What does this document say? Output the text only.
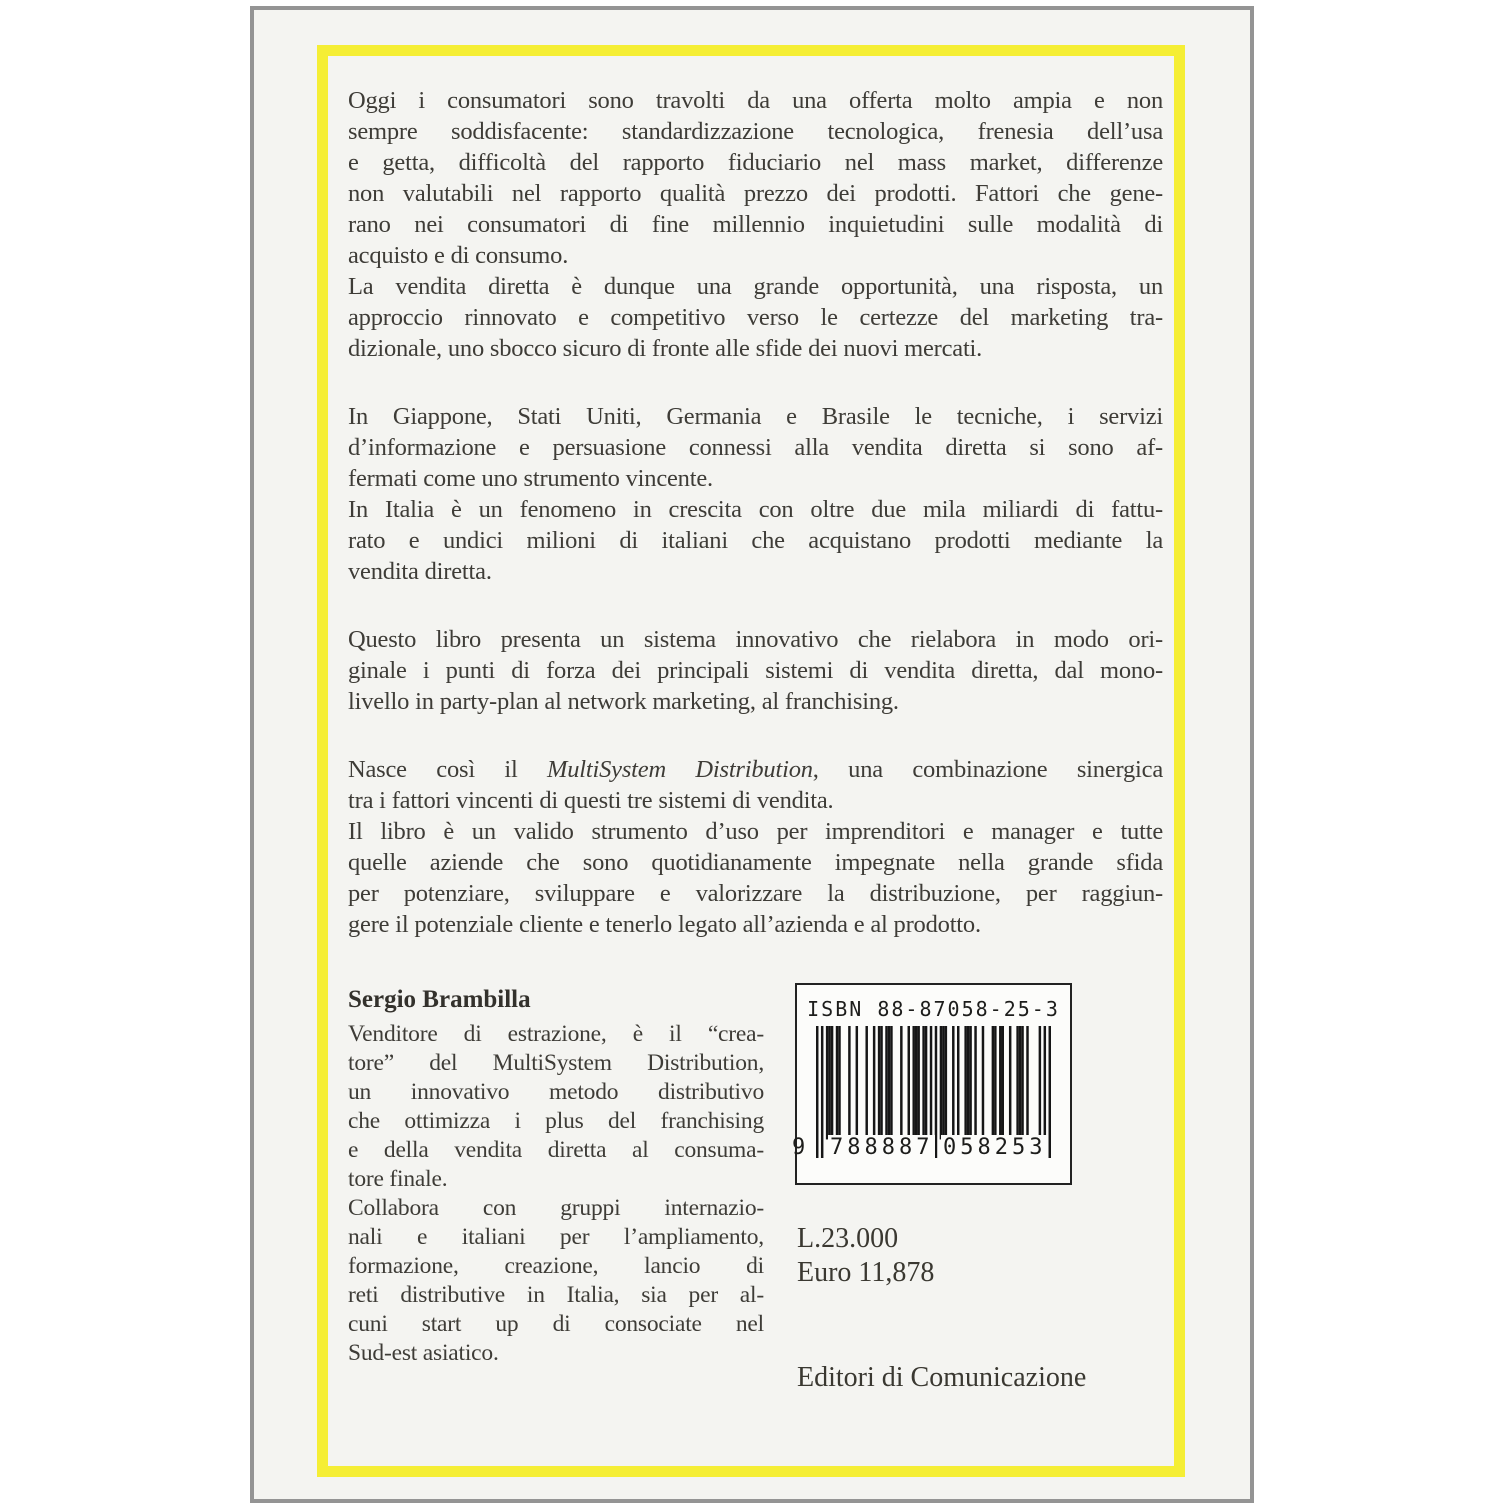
Oggi i consumatori sono travolti da una offerta molto ampia e non
sempre soddisfacente: standardizzazione tecnologica, frenesia dell’usa
e getta, difficoltà del rapporto fiduciario nel mass market, differenze
non valutabili nel rapporto qualità prezzo dei prodotti. Fattori che gene-
rano nei consumatori di fine millennio inquietudini sulle modalità di
acquisto e di consumo.
La vendita diretta è dunque una grande opportunità, una risposta, un
approccio rinnovato e competitivo verso le certezze del marketing tra-
dizionale, uno sbocco sicuro di fronte alle sfide dei nuovi mercati.
In Giappone, Stati Uniti, Germania e Brasile le tecniche, i servizi
d’informazione e persuasione connessi alla vendita diretta si sono af-
fermati come uno strumento vincente.
In Italia è un fenomeno in crescita con oltre due mila miliardi di fattu-
rato e undici milioni di italiani che acquistano prodotti mediante la
vendita diretta.
Questo libro presenta un sistema innovativo che rielabora in modo ori-
ginale i punti di forza dei principali sistemi di vendita diretta, dal mono-
livello in party-plan al network marketing, al franchising.
Nasce così il MultiSystem Distribution, una combinazione sinergica
tra i fattori vincenti di questi tre sistemi di vendita.
Il libro è un valido strumento d’uso per imprenditori e manager e tutte
quelle aziende che sono quotidianamente impegnate nella grande sfida
per potenziare, sviluppare e valorizzare la distribuzione, per raggiun-
gere il potenziale cliente e tenerlo legato all’azienda e al prodotto.
Sergio Brambilla
Venditore di estrazione, è il “crea-
tore” del MultiSystem Distribution,
un innovativo metodo distributivo
che ottimizza i plus del franchising
e della vendita diretta al consuma-
tore finale.
Collabora con gruppi internazio-
nali e italiani per l’ampliamento,
formazione, creazione, lancio di
reti distributive in Italia, sia per al-
cuni start up di consociate nel
Sud-est asiatico.
ISBN 88-87058-25-3
9 788887 058253
L.23.000
Euro 11,878
Editori di Comunicazione
